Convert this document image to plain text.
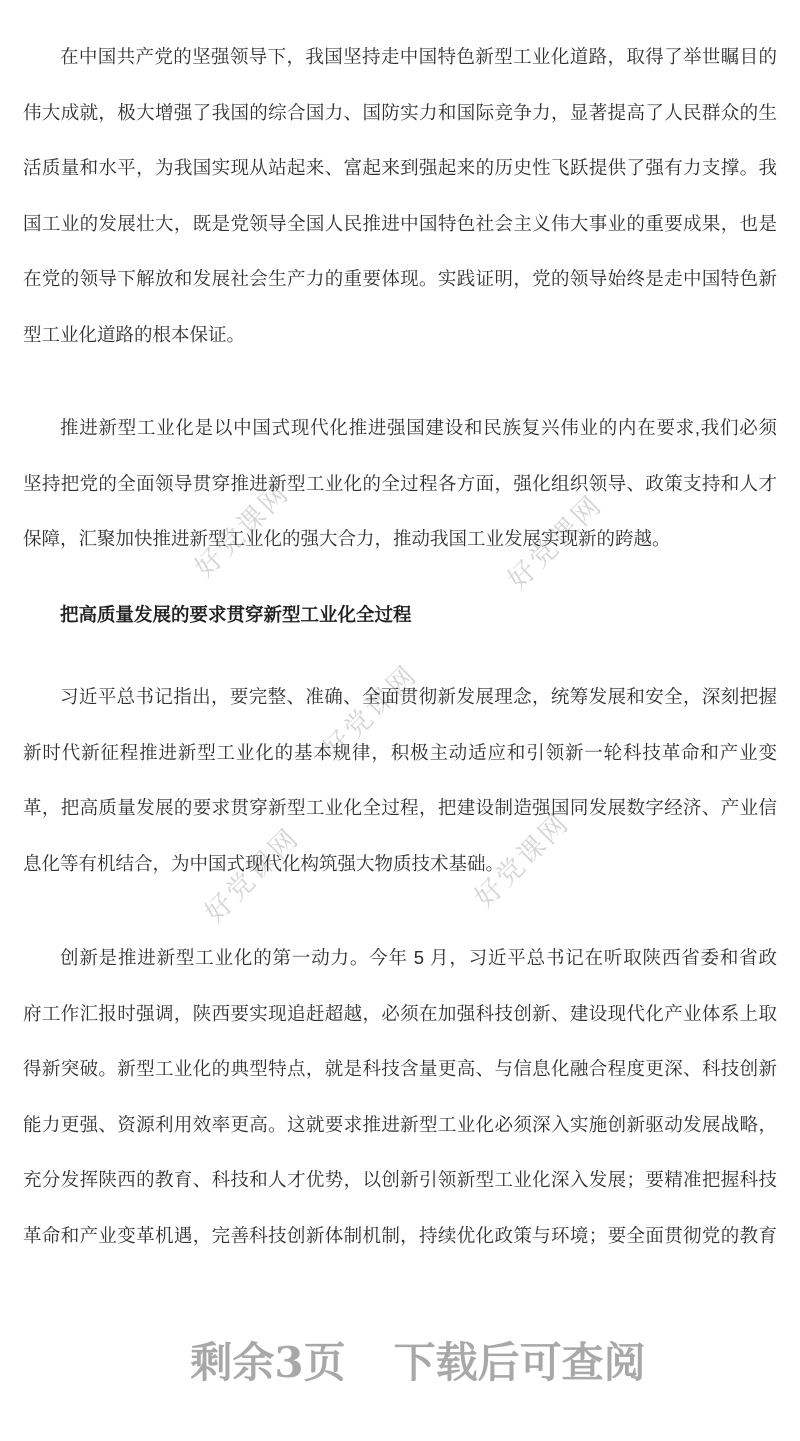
好党课网	好党课网
好党课网
好党课网	好党课网
在中国共产党的坚强领导下，我国坚持走中国特色新型工业化道路，取得了举世瞩目的
伟大成就，极大增强了我国的综合国力、国防实力和国际竞争力，显著提高了人民群众的生
活质量和水平，为我国实现从站起来、富起来到强起来的历史性飞跃提供了强有力支撑。我
国工业的发展壮大，既是党领导全国人民推进中国特色社会主义伟大事业的重要成果，也是
在党的领导下解放和发展社会生产力的重要体现。实践证明，党的领导始终是走中国特色新
型工业化道路的根本保证。
推进新型工业化是以中国式现代化推进强国建设和民族复兴伟业的内在要求,我们必须
坚持把党的全面领导贯穿推进新型工业化的全过程各方面，强化组织领导、政策支持和人才
保障，汇聚加快推进新型工业化的强大合力，推动我国工业发展实现新的跨越。
把高质量发展的要求贯穿新型工业化全过程
习近平总书记指出，要完整、准确、全面贯彻新发展理念，统筹发展和安全，深刻把握
新时代新征程推进新型工业化的基本规律，积极主动适应和引领新一轮科技革命和产业变
革，把高质量发展的要求贯穿新型工业化全过程，把建设制造强国同发展数字经济、产业信
息化等有机结合，为中国式现代化构筑强大物质技术基础。
创新是推进新型工业化的第一动力。今年 5 月，习近平总书记在听取陕西省委和省政
府工作汇报时强调，陕西要实现追赶超越，必须在加强科技创新、建设现代化产业体系上取
得新突破。新型工业化的典型特点，就是科技含量更高、与信息化融合程度更深、科技创新
能力更强、资源利用效率更高。这就要求推进新型工业化必须深入实施创新驱动发展战略，
充分发挥陕西的教育、科技和人才优势，以创新引领新型工业化深入发展；要精准把握科技
革命和产业变革机遇，完善科技创新体制机制，持续优化政策与环境；要全面贯彻党的教育
剩余3页 下载后可查阅
